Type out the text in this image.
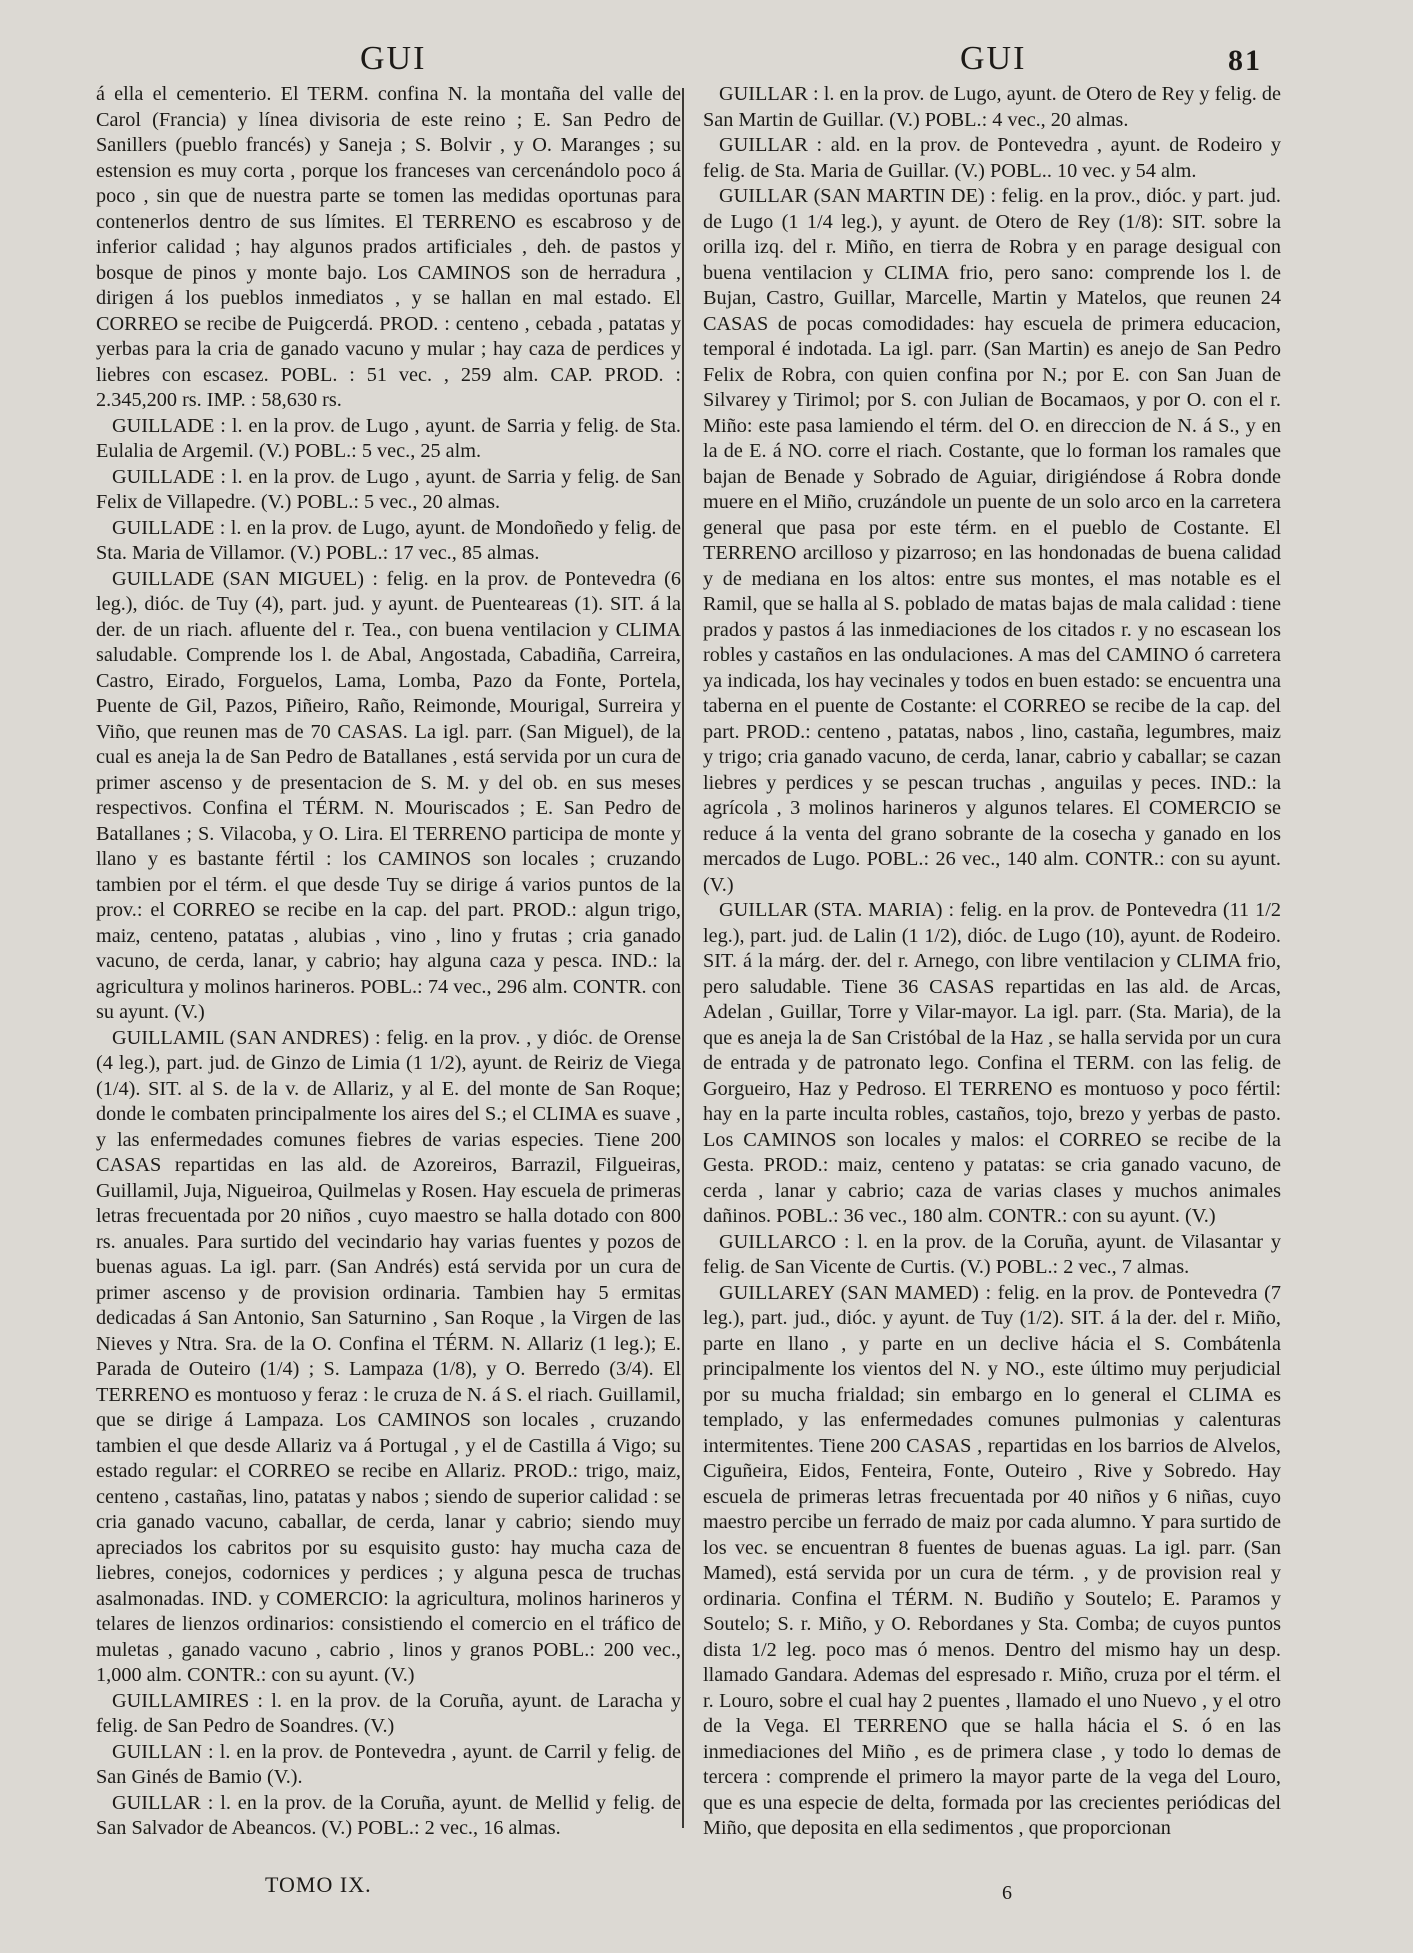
GUI	GUI	81

á ella el cementerio. El TERM. confina N. la montaña del valle de Carol (Francia) y línea divisoria de este reino ; E. San Pedro de Sanillers (pueblo francés) y Saneja ; S. Bolvir , y O. Maranges ; su estension es muy corta , porque los franceses van cercenándolo poco á poco , sin que de nuestra parte se tomen las medidas oportunas para contenerlos dentro de sus límites. El TERRENO es escabroso y de inferior calidad ; hay algunos prados artificiales , deh. de pastos y bosque de pinos y monte bajo. Los CAMINOS son de herradura , dirigen á los pueblos inmediatos , y se hallan en mal estado. El CORREO se recibe de Puigcerdá. PROD. : centeno , cebada , patatas y yerbas para la cria de ganado vacuno y mular ; hay caza de perdices y liebres con escasez. POBL. : 51 vec. , 259 alm. CAP. PROD. : 2.345,200 rs. IMP. : 58,630 rs.

GUILLADE : l. en la prov. de Lugo , ayunt. de Sarria y felig. de Sta. Eulalia de Argemil. (V.) POBL.: 5 vec., 25 alm.

GUILLADE : l. en la prov. de Lugo , ayunt. de Sarria y felig. de San Felix de Villapedre. (V.) POBL.: 5 vec., 20 almas.

GUILLADE : l. en la prov. de Lugo, ayunt. de Mondoñedo y felig. de Sta. Maria de Villamor. (V.) POBL.: 17 vec., 85 almas.

GUILLADE (SAN MIGUEL) : felig. en la prov. de Pontevedra (6 leg.), dióc. de Tuy (4), part. jud. y ayunt. de Puenteareas (1). SIT. á la der. de un riach. afluente del r. Tea., con buena ventilacion y CLIMA saludable. Comprende los l. de Abal, Angostada, Cabadiña, Carreira, Castro, Eirado, Forguelos, Lama, Lomba, Pazo da Fonte, Portela, Puente de Gil, Pazos, Piñeiro, Raño, Reimonde, Mourigal, Surreira y Viño, que reunen mas de 70 CASAS. La igl. parr. (San Miguel), de la cual es aneja la de San Pedro de Batallanes , está servida por un cura de primer ascenso y de presentacion de S. M. y del ob. en sus meses respectivos. Confina el TÉRM. N. Mouriscados ; E. San Pedro de Batallanes ; S. Vilacoba, y O. Lira. El TERRENO participa de monte y llano y es bastante fértil : los CAMINOS son locales ; cruzando tambien por el térm. el que desde Tuy se dirige á varios puntos de la prov.: el CORREO se recibe en la cap. del part. PROD.: algun trigo, maiz, centeno, patatas , alubias , vino , lino y frutas ; cria ganado vacuno, de cerda, lanar, y cabrio; hay alguna caza y pesca. IND.: la agricultura y molinos harineros. POBL.: 74 vec., 296 alm. CONTR. con su ayunt. (V.)

GUILLAMIL (SAN ANDRES) : felig. en la prov. , y dióc. de Orense (4 leg.), part. jud. de Ginzo de Limia (1 1/2), ayunt. de Reiriz de Viega (1/4). SIT. al S. de la v. de Allariz, y al E. del monte de San Roque; donde le combaten principalmente los aires del S.; el CLIMA es suave , y las enfermedades comunes fiebres de varias especies. Tiene 200 CASAS repartidas en las ald. de Azoreiros, Barrazil, Filgueiras, Guillamil, Juja, Nigueiroa, Quilmelas y Rosen. Hay escuela de primeras letras frecuentada por 20 niños , cuyo maestro se halla dotado con 800 rs. anuales. Para surtido del vecindario hay varias fuentes y pozos de buenas aguas. La igl. parr. (San Andrés) está servida por un cura de primer ascenso y de provision ordinaria. Tambien hay 5 ermitas dedicadas á San Antonio, San Saturnino , San Roque , la Virgen de las Nieves y Ntra. Sra. de la O. Confina el TÉRM. N. Allariz (1 leg.); E. Parada de Outeiro (1/4) ; S. Lampaza (1/8), y O. Berredo (3/4). El TERRENO es montuoso y feraz : le cruza de N. á S. el riach. Guillamil, que se dirige á Lampaza. Los CAMINOS son locales , cruzando tambien el que desde Allariz va á Portugal , y el de Castilla á Vigo; su estado regular: el CORREO se recibe en Allariz. PROD.: trigo, maiz, centeno , castañas, lino, patatas y nabos ; siendo de superior calidad : se cria ganado vacuno, caballar, de cerda, lanar y cabrio; siendo muy apreciados los cabritos por su esquisito gusto: hay mucha caza de liebres, conejos, codornices y perdices ; y alguna pesca de truchas asalmonadas. IND. y COMERCIO: la agricultura, molinos harineros y telares de lienzos ordinarios: consistiendo el comercio en el tráfico de muletas , ganado vacuno , cabrio , linos y granos POBL.: 200 vec., 1,000 alm. CONTR.: con su ayunt. (V.)

GUILLAMIRES : l. en la prov. de la Coruña, ayunt. de Laracha y felig. de San Pedro de Soandres. (V.)

GUILLAN : l. en la prov. de Pontevedra , ayunt. de Carril y felig. de San Ginés de Bamio (V.).

GUILLAR : l. en la prov. de la Coruña, ayunt. de Mellid y felig. de San Salvador de Abeancos. (V.) POBL.: 2 vec., 16 almas.

GUILLAR : l. en la prov. de Lugo, ayunt. de Otero de Rey y felig. de San Martin de Guillar. (V.) POBL.: 4 vec., 20 almas.

GUILLAR : ald. en la prov. de Pontevedra , ayunt. de Rodeiro y felig. de Sta. Maria de Guillar. (V.) POBL.. 10 vec. y 54 alm.

GUILLAR (SAN MARTIN DE) : felig. en la prov., dióc. y part. jud. de Lugo (1 1/4 leg.), y ayunt. de Otero de Rey (1/8): SIT. sobre la orilla izq. del r. Miño, en tierra de Robra y en parage desigual con buena ventilacion y CLIMA frio, pero sano: comprende los l. de Bujan, Castro, Guillar, Marcelle, Martin y Matelos, que reunen 24 CASAS de pocas comodidades: hay escuela de primera educacion, temporal é indotada. La igl. parr. (San Martin) es anejo de San Pedro Felix de Robra, con quien confina por N.; por E. con San Juan de Silvarey y Tirimol; por S. con Julian de Bocamaos, y por O. con el r. Miño: este pasa lamiendo el térm. del O. en direccion de N. á S., y en la de E. á NO. corre el riach. Costante, que lo forman los ramales que bajan de Benade y Sobrado de Aguiar, dirigiéndose á Robra donde muere en el Miño, cruzándole un puente de un solo arco en la carretera general que pasa por este térm. en el pueblo de Costante. El TERRENO arcilloso y pizarroso; en las hondonadas de buena calidad y de mediana en los altos: entre sus montes, el mas notable es el Ramil, que se halla al S. poblado de matas bajas de mala calidad : tiene prados y pastos á las inmediaciones de los citados r. y no escasean los robles y castaños en las ondulaciones. A mas del CAMINO ó carretera ya indicada, los hay vecinales y todos en buen estado: se encuentra una taberna en el puente de Costante: el CORREO se recibe de la cap. del part. PROD.: centeno , patatas, nabos , lino, castaña, legumbres, maiz y trigo; cria ganado vacuno, de cerda, lanar, cabrio y caballar; se cazan liebres y perdices y se pescan truchas , anguilas y peces. IND.: la agrícola , 3 molinos harineros y algunos telares. El COMERCIO se reduce á la venta del grano sobrante de la cosecha y ganado en los mercados de Lugo. POBL.: 26 vec., 140 alm. CONTR.: con su ayunt. (V.)

GUILLAR (STA. MARIA) : felig. en la prov. de Pontevedra (11 1/2 leg.), part. jud. de Lalin (1 1/2), dióc. de Lugo (10), ayunt. de Rodeiro. SIT. á la márg. der. del r. Arnego, con libre ventilacion y CLIMA frio, pero saludable. Tiene 36 CASAS repartidas en las ald. de Arcas, Adelan , Guillar, Torre y Vilar-mayor. La igl. parr. (Sta. Maria), de la que es aneja la de San Cristóbal de la Haz , se halla servida por un cura de entrada y de patronato lego. Confina el TERM. con las felig. de Gorgueiro, Haz y Pedroso. El TERRENO es montuoso y poco fértil: hay en la parte inculta robles, castaños, tojo, brezo y yerbas de pasto. Los CAMINOS son locales y malos: el CORREO se recibe de la Gesta. PROD.: maiz, centeno y patatas: se cria ganado vacuno, de cerda , lanar y cabrio; caza de varias clases y muchos animales dañinos. POBL.: 36 vec., 180 alm. CONTR.: con su ayunt. (V.)

GUILLARCO : l. en la prov. de la Coruña, ayunt. de Vilasantar y felig. de San Vicente de Curtis. (V.) POBL.: 2 vec., 7 almas.

GUILLAREY (SAN MAMED) : felig. en la prov. de Pontevedra (7 leg.), part. jud., dióc. y ayunt. de Tuy (1/2). SIT. á la der. del r. Miño, parte en llano , y parte en un declive hácia el S. Combátenla principalmente los vientos del N. y NO., este último muy perjudicial por su mucha frialdad; sin embargo en lo general el CLIMA es templado, y las enfermedades comunes pulmonias y calenturas intermitentes. Tiene 200 CASAS , repartidas en los barrios de Alvelos, Ciguñeira, Eidos, Fenteira, Fonte, Outeiro , Rive y Sobredo. Hay escuela de primeras letras frecuentada por 40 niños y 6 niñas, cuyo maestro percibe un ferrado de maiz por cada alumno. Y para surtido de los vec. se encuentran 8 fuentes de buenas aguas. La igl. parr. (San Mamed), está servida por un cura de térm. , y de provision real y ordinaria. Confina el TÉRM. N. Budiño y Soutelo; E. Paramos y Soutelo; S. r. Miño, y O. Rebordanes y Sta. Comba; de cuyos puntos dista 1/2 leg. poco mas ó menos. Dentro del mismo hay un desp. llamado Gandara. Ademas del espresado r. Miño, cruza por el térm. el r. Louro, sobre el cual hay 2 puentes , llamado el uno Nuevo , y el otro de la Vega. El TERRENO que se halla hácia el S. ó en las inmediaciones del Miño , es de primera clase , y todo lo demas de tercera : comprende el primero la mayor parte de la vega del Louro, que es una especie de delta, formada por las crecientes periódicas del Miño, que deposita en ella sedimentos , que proporcionan

TOMO IX.	6
